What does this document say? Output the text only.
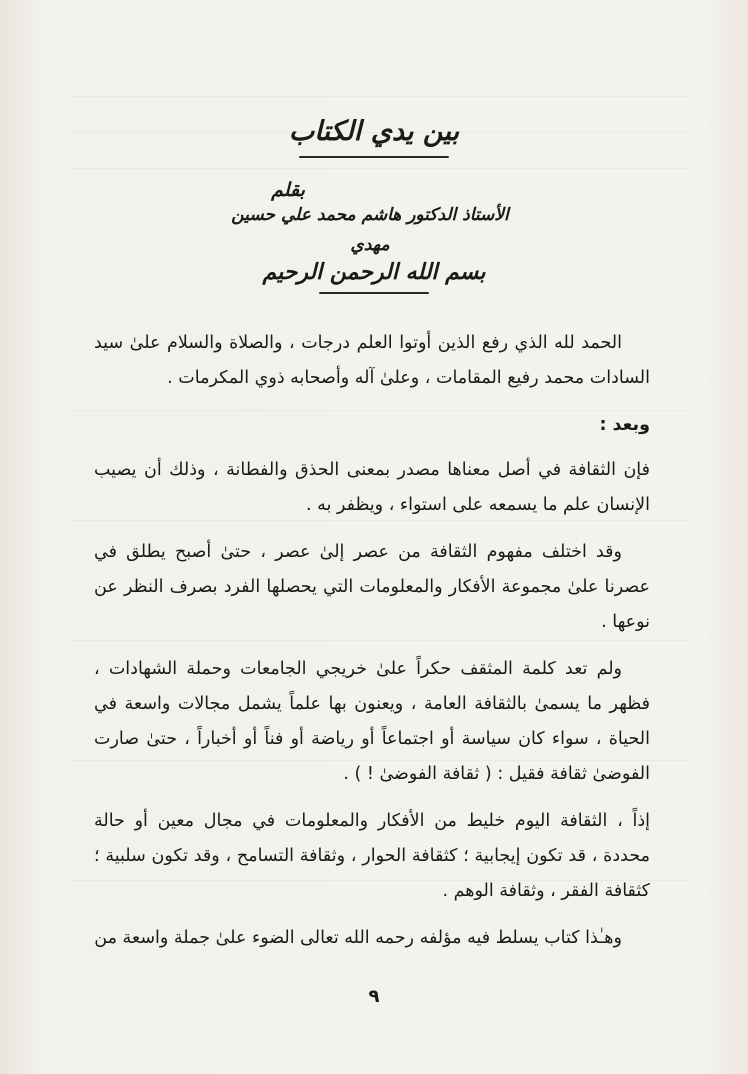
بين يدي الكتاب
بقلم
الأستاذ الدكتور هاشم محمد علي حسين مهدي
بسم الله الرحمن الرحيم

الحمد لله الذي رفع الذين أوتوا العلم درجات ، والصلاة والسلام علىٰ سيد السادات محمد رفيع المقامات ، وعلىٰ آله وأصحابه ذوي المكرمات .

وبعد :

فإن الثقافة في أصل معناها مصدر بمعنى الحذق والفطانة ، وذلك أن يصيب الإنسان علم ما يسمعه على استواء ، ويظفر به .

وقد اختلف مفهوم الثقافة من عصر إلىٰ عصر ، حتىٰ أصبح يطلق في عصرنا علىٰ مجموعة الأفكار والمعلومات التي يحصلها الفرد بصرف النظر عن نوعها .

ولم تعد كلمة المثقف حكراً علىٰ خريجي الجامعات وحملة الشهادات ، فظهر ما يسمىٰ بالثقافة العامة ، ويعنون بها علماً يشمل مجالات واسعة في الحياة ، سواء كان سياسة أو اجتماعاً أو رياضة أو فناً أو أخباراً ، حتىٰ صارت الفوضىٰ ثقافة فقيل : ( ثقافة الفوضىٰ ! ) .

إذاً ، الثقافة اليوم خليط من الأفكار والمعلومات في مجال معين أو حالة محددة ، قد تكون إيجابية ؛ كثقافة الحوار ، وثقافة التسامح ، وقد تكون سلبية ؛ كثقافة الفقر ، وثقافة الوهم .

وهـٰذا كتاب يسلط فيه مؤلفه رحمه الله تعالى الضوء علىٰ جملة واسعة من

٩
